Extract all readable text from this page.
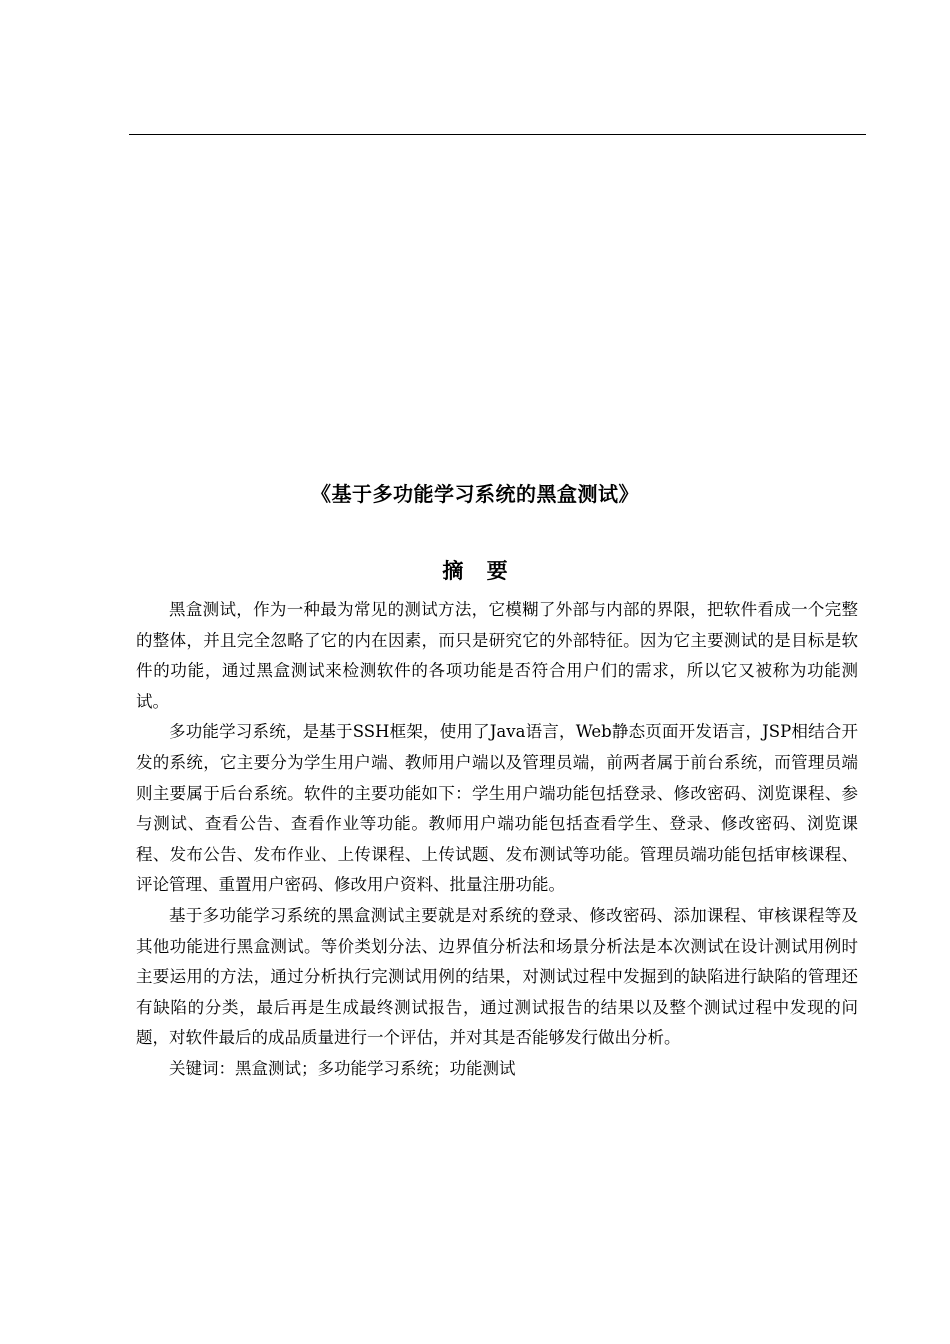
《基于多功能学习系统的黑盒测试》
摘 要

黑盒测试，作为一种最为常见的测试方法，它模糊了外部与内部的界限，把软件看成一个完整的整体，并且完全忽略了它的内在因素，而只是研究它的外部特征。因为它主要测试的是目标是软件的功能，通过黑盒测试来检测软件的各项功能是否符合用户们的需求，所以它又被称为功能测试。

多功能学习系统，是基于SSH框架，使用了Java语言，Web静态页面开发语言，JSP相结合开发的系统，它主要分为学生用户端、教师用户端以及管理员端，前两者属于前台系统，而管理员端则主要属于后台系统。软件的主要功能如下：学生用户端功能包括登录、修改密码、浏览课程、参与测试、查看公告、查看作业等功能。教师用户端功能包括查看学生、登录、修改密码、浏览课程、发布公告、发布作业、上传课程、上传试题、发布测试等功能。管理员端功能包括审核课程、评论管理、重置用户密码、修改用户资料、批量注册功能。

基于多功能学习系统的黑盒测试主要就是对系统的登录、修改密码、添加课程、审核课程等及其他功能进行黑盒测试。等价类划分法、边界值分析法和场景分析法是本次测试在设计测试用例时主要运用的方法，通过分析执行完测试用例的结果，对测试过程中发掘到的缺陷进行缺陷的管理还有缺陷的分类，最后再是生成最终测试报告，通过测试报告的结果以及整个测试过程中发现的问题，对软件最后的成品质量进行一个评估，并对其是否能够发行做出分析。

关键词：黑盒测试；多功能学习系统；功能测试
